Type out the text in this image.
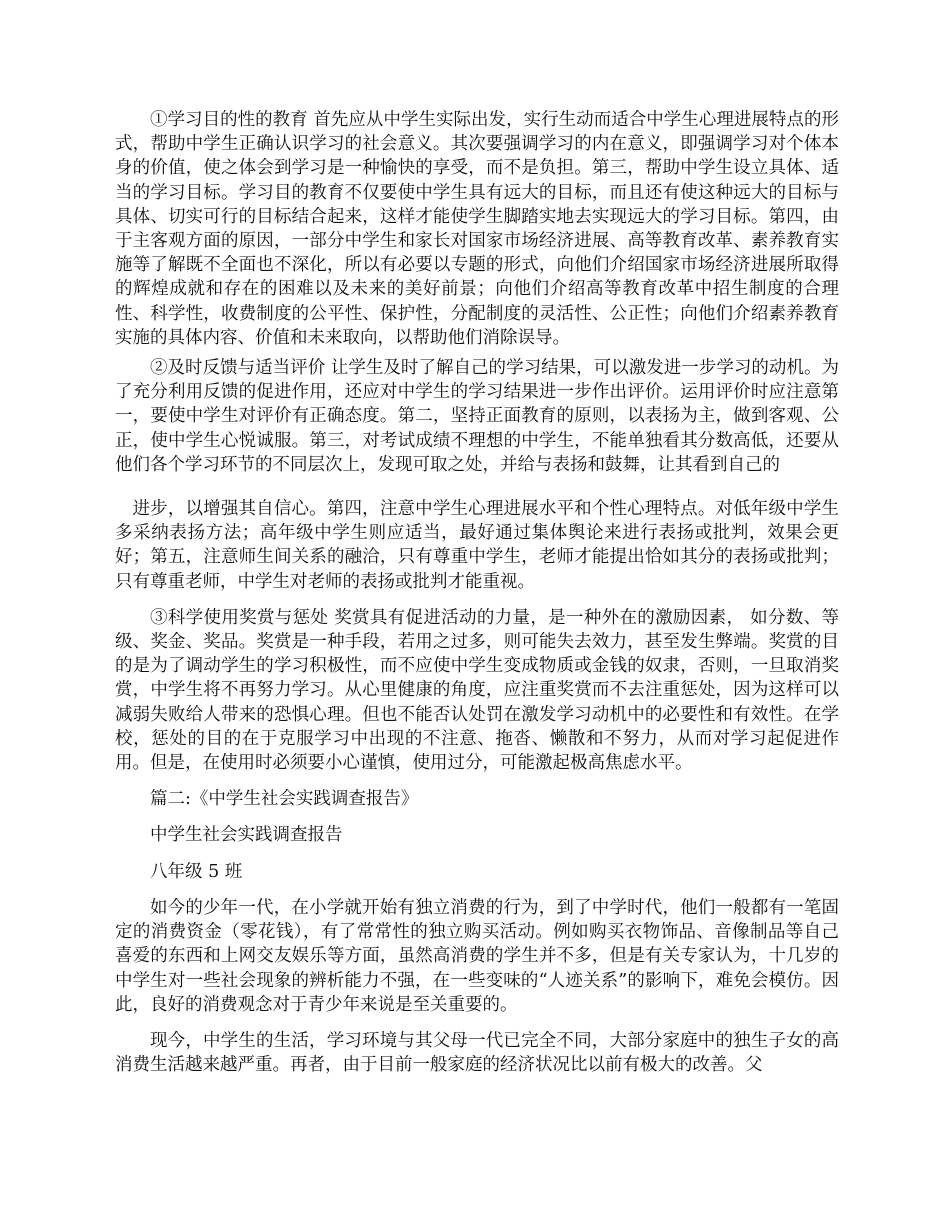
①学习目的性的教育 首先应从中学生实际出发，实行生动而适合中学生心理进展特点的形式，帮助中学生正确认识学习的社会意义。其次要强调学习的内在意义，即强调学习对个体本身的价值，使之体会到学习是一种愉快的享受，而不是负担。第三，帮助中学生设立具体、适当的学习目标。学习目的教育不仅要使中学生具有远大的目标，而且还有使这种远大的目标与具体、切实可行的目标结合起来，这样才能使学生脚踏实地去实现远大的学习目标。第四，由于主客观方面的原因，一部分中学生和家长对国家市场经济进展、高等教育改革、素养教育实施等了解既不全面也不深化，所以有必要以专题的形式，向他们介绍国家市场经济进展所取得的辉煌成就和存在的困难以及未来的美好前景；向他们介绍高等教育改革中招生制度的合理性、科学性，收费制度的公平性、保护性，分配制度的灵活性、公正性；向他们介绍素养教育实施的具体内容、价值和未来取向，以帮助他们消除误导。

②及时反馈与适当评价 让学生及时了解自己的学习结果，可以激发进一步学习的动机。为了充分利用反馈的促进作用，还应对中学生的学习结果进一步作出评价。运用评价时应注意第一，要使中学生对评价有正确态度。第二，坚持正面教育的原则，以表扬为主，做到客观、公正，使中学生心悦诚服。第三，对考试成绩不理想的中学生，不能单独看其分数高低，还要从他们各个学习环节的不同层次上，发现可取之处，并给与表扬和鼓舞，让其看到自己的

进步，以增强其自信心。第四，注意中学生心理进展水平和个性心理特点。对低年级中学生多采纳表扬方法；高年级中学生则应适当，最好通过集体舆论来进行表扬或批判，效果会更好；第五，注意师生间关系的融洽，只有尊重中学生，老师才能提出恰如其分的表扬或批判；只有尊重老师，中学生对老师的表扬或批判才能重视。

③科学使用奖赏与惩处 奖赏具有促进活动的力量，是一种外在的激励因素， 如分数、等级、奖金、奖品。奖赏是一种手段，若用之过多，则可能失去效力，甚至发生弊端。奖赏的目的是为了调动学生的学习积极性，而不应使中学生变成物质或金钱的奴隶，否则，一旦取消奖赏，中学生将不再努力学习。从心里健康的角度，应注重奖赏而不去注重惩处，因为这样可以减弱失败给人带来的恐惧心理。但也不能否认处罚在激发学习动机中的必要性和有效性。在学校，惩处的目的在于克服学习中出现的不注意、拖沓、懒散和不努力，从而对学习起促进作用。但是，在使用时必须要小心谨慎，使用过分，可能激起极高焦虑水平。

篇二:《中学生社会实践调查报告》

中学生社会实践调查报告

八年级 5 班

如今的少年一代，在小学就开始有独立消费的行为，到了中学时代，他们一般都有一笔固定的消费资金（零花钱），有了常常性的独立购买活动。例如购买衣物饰品、音像制品等自己喜爱的东西和上网交友娱乐等方面，虽然高消费的学生并不多，但是有关专家认为，十几岁的中学生对一些社会现象的辨析能力不强，在一些变味的“人迹关系”的影响下，难免会模仿。因此，良好的消费观念对于青少年来说是至关重要的。

现今，中学生的生活，学习环境与其父母一代已完全不同，大部分家庭中的独生子女的高消费生活越来越严重。再者，由于目前一般家庭的经济状况比以前有极大的改善。父
